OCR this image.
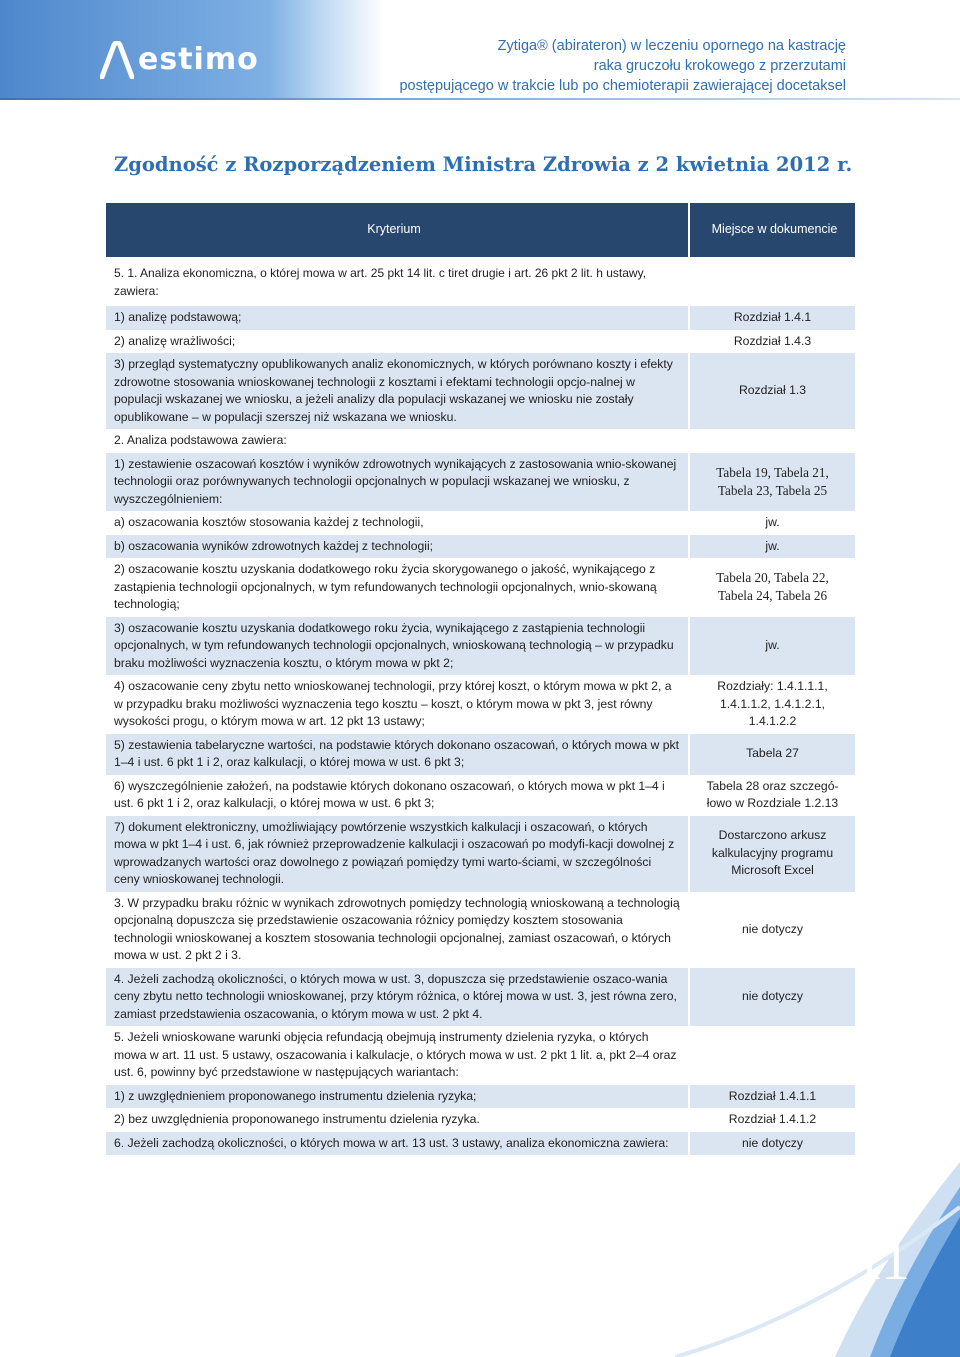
estimo	Zytiga® (abirateron) w leczeniu opornego na kastrację
raka gruczołu krokowego z przerzutami
postępującego w trakcie lub po chemioterapii zawierającej docetaksel
Zgodność z Rozporządzeniem Ministra Zdrowia z 2 kwietnia 2012 r.
Kryterium	Miejsce w dokumencie
5. 1. Analiza ekonomiczna, o której mowa w art. 25 pkt 14 lit. c tiret drugie i art. 26 pkt 2 lit. h ustawy, zawiera:	
1) analizę podstawową;	Rozdział 1.4.1
2) analizę wrażliwości;	Rozdział 1.4.3
3) przegląd systematyczny opublikowanych analiz ekonomicznych, w których porównano koszty i efekty zdrowotne stosowania wnioskowanej technologii z kosztami i efektami technologii opcjo-nalnej w populacji wskazanej we wniosku, a jeżeli analizy dla populacji wskazanej we wniosku nie zostały opublikowane – w populacji szerszej niż wskazana we wniosku.	Rozdział 1.3
2. Analiza podstawowa zawiera:	
1) zestawienie oszacowań kosztów i wyników zdrowotnych wynikających z zastosowania wnio-skowanej technologii oraz porównywanych technologii opcjonalnych w populacji wskazanej we wniosku, z wyszczególnieniem:	Tabela 19, Tabela 21, Tabela 23, Tabela 25
a) oszacowania kosztów stosowania każdej z technologii,	jw.
b) oszacowania wyników zdrowotnych każdej z technologii;	jw.
2) oszacowanie kosztu uzyskania dodatkowego roku życia skorygowanego o jakość, wynikającego z zastąpienia technologii opcjonalnych, w tym refundowanych technologii opcjonalnych, wnio-skowaną technologią;	Tabela 20, Tabela 22, Tabela 24, Tabela 26
3) oszacowanie kosztu uzyskania dodatkowego roku życia, wynikającego z zastąpienia technologii opcjonalnych, w tym refundowanych technologii opcjonalnych, wnioskowaną technologią – w przypadku braku możliwości wyznaczenia kosztu, o którym mowa w pkt 2;	jw.
4) oszacowanie ceny zbytu netto wnioskowanej technologii, przy której koszt, o którym mowa w pkt 2, a w przypadku braku możliwości wyznaczenia tego kosztu – koszt, o którym mowa w pkt 3, jest równy wysokości progu, o którym mowa w art. 12 pkt 13 ustawy;	Rozdziały: 1.4.1.1.1, 1.4.1.1.2, 1.4.1.2.1, 1.4.1.2.2
5) zestawienia tabelaryczne wartości, na podstawie których dokonano oszacowań, o których mowa w pkt 1–4 i ust. 6 pkt 1 i 2, oraz kalkulacji, o której mowa w ust. 6 pkt 3;	Tabela 27
6) wyszczególnienie założeń, na podstawie których dokonano oszacowań, o których mowa w pkt 1–4 i ust. 6 pkt 1 i 2, oraz kalkulacji, o której mowa w ust. 6 pkt 3;	Tabela 28 oraz szczegó-łowo w Rozdziale 1.2.13
7) dokument elektroniczny, umożliwiający powtórzenie wszystkich kalkulacji i oszacowań, o których mowa w pkt 1–4 i ust. 6, jak również przeprowadzenie kalkulacji i oszacowań po modyfi-kacji dowolnej z wprowadzanych wartości oraz dowolnego z powiązań pomiędzy tymi warto-ściami, w szczególności ceny wnioskowanej technologii.	Dostarczono arkusz kalkulacyjny programu Microsoft Excel
3. W przypadku braku różnic w wynikach zdrowotnych pomiędzy technologią wnioskowaną a technologią opcjonalną dopuszcza się przedstawienie oszacowania różnicy pomiędzy kosztem stosowania technologii wnioskowanej a kosztem stosowania technologii opcjonalnej, zamiast oszacowań, o których mowa w ust. 2 pkt 2 i 3.	nie dotyczy
4. Jeżeli zachodzą okoliczności, o których mowa w ust. 3, dopuszcza się przedstawienie oszaco-wania ceny zbytu netto technologii wnioskowanej, przy którym różnica, o której mowa w ust. 3, jest równa zero, zamiast przedstawienia oszacowania, o którym mowa w ust. 2 pkt 4.	nie dotyczy
5. Jeżeli wnioskowane warunki objęcia refundacją obejmują instrumenty dzielenia ryzyka, o których mowa w art. 11 ust. 5 ustawy, oszacowania i kalkulacje, o których mowa w ust. 2 pkt 1 lit. a, pkt 2–4 oraz ust. 6, powinny być przedstawione w następujących wariantach:	
1) z uwzględnieniem proponowanego instrumentu dzielenia ryzyka;	Rozdział 1.4.1.1
2) bez uwzględnienia proponowanego instrumentu dzielenia ryzyka.	Rozdział 1.4.1.2
6. Jeżeli zachodzą okoliczności, o których mowa w art. 13 ust. 3 ustawy, analiza ekonomiczna zawiera:	nie dotyczy
11
